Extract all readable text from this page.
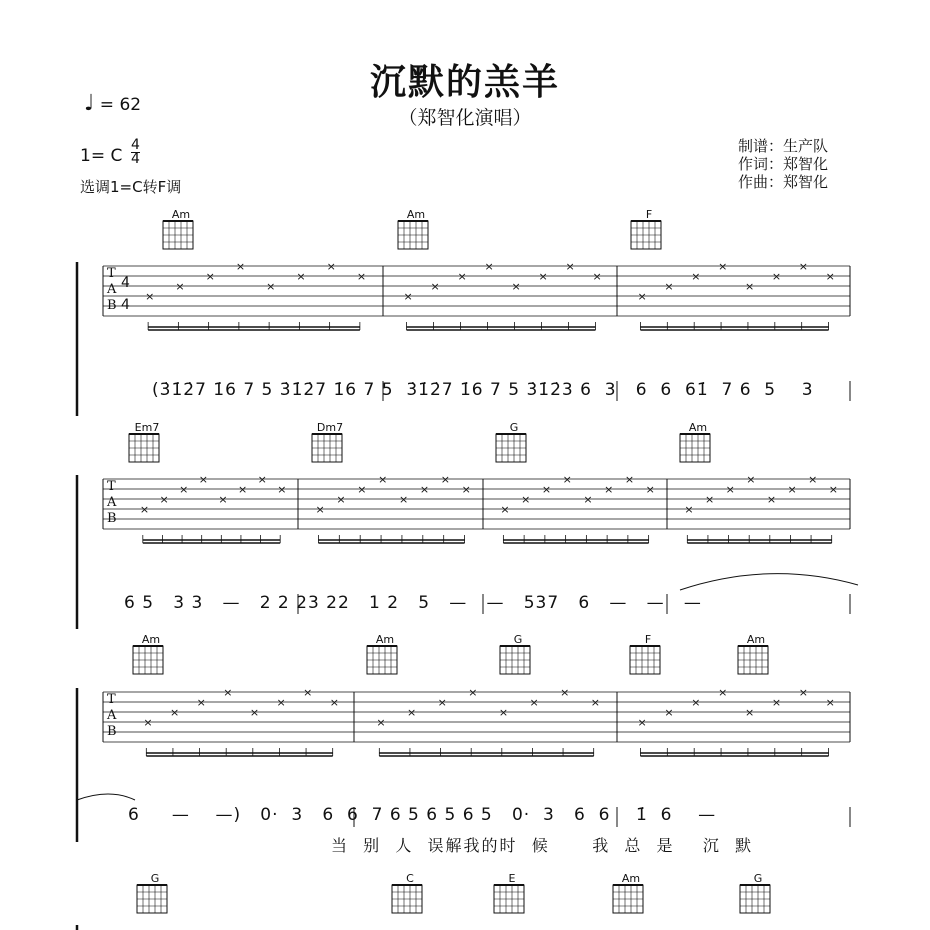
沉默的羔羊
（郑智化演唱）
♩ = 62
1= C
4
4
选调1=C转F调
制谱：生产队
作词：郑智化
作曲：郑智化
Am	Am	F
Em7	Dm7	G	Am
Am	Am	G	F	Am
G	C	E	Am	G
×
×
×
×
×
×
×
×
×
×
×
×
×
×
×
×
×
×
×
×
×
×
×
×
×
×
×
×
×
×
×
×
×
×
×
×
×
×
×
×
×
×
×
×
×
×
×
×
×
×
×
×
×
×
×
×
×
×
×
×
×
×
×
×
×
×
×
×
×
×
×
×
×
×
×
×
×
×
×
×
T
A
B
4
4
T
A
B
T
A
B
(3̇1̇2̇7 1̇6 7 5 3̇1̇2̇7 1̇6 7 5  3̇1̇2̇7 1̇6 7 5 3̇1̇2̇3 6  3   6  6  61̇  7 6  5    3
6 5   3 3   —   2 2 23 22   1 2   5   —   —   537   6   —   —   —
6     —    —)   0·  3   6  6  7 6 5 6 5 6 5   0·  3   6  6    1̇  6    —
当  别  人  误解我的时  候      我  总  是    沉  默
